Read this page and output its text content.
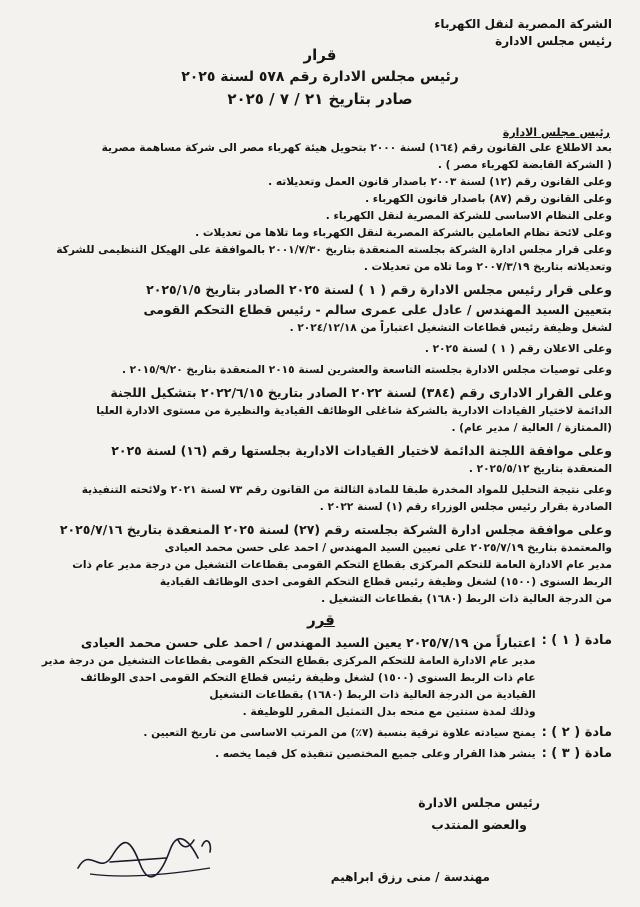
الشركة المصرية لنقل الكهرباء
رئيس مجلس الادارة
قرار
رئيس مجلس الادارة رقم ٥٧٨ لسنة ٢٠٢٥
صادر بتاريخ ٢١ / ٧ / ٢٠٢٥
رئيس مجلس الادارة
بعد الاطلاع على القانون رقم (١٦٤) لسنة ٢٠٠٠ بتحويل هيئة كهرباء مصر الى شركة مساهمة مصرية
( الشركة القابضة لكهرباء مصر ) .
وعلى القانون رقم (١٢) لسنة ٢٠٠٣ باصدار قانون العمل وتعديلاته .
وعلى القانون رقم (٨٧) باصدار قانون الكهرباء .
وعلى النظام الاساسى للشركة المصرية لنقل الكهرباء .
وعلى لائحة نظام العاملين بالشركة المصرية لنقل الكهرباء وما تلاها من تعديلات .
وعلى قرار مجلس ادارة الشركة بجلسته المنعقدة بتاريخ ٢٠٠١/٧/٣٠ بالموافقة على الهيكل التنظيمى للشركة
وتعديلاته بتاريخ ٢٠٠٧/٣/١٩ وما تلاه من تعديلات .
وعلى قرار رئيس مجلس الادارة رقم ( ١ ) لسنة ٢٠٢٥ الصادر بتاريخ ٢٠٢٥/١/٥
بتعيين السيد المهندس / عادل على عمرى سالم - رئيس قطاع التحكم القومى
لشغل وظيفة رئيس قطاعات التشغيل اعتباراً من ٢٠٢٤/١٢/١٨ .
وعلى الاعلان رقم ( ١ ) لسنة ٢٠٢٥ .
وعلى توصيات مجلس الادارة بجلسته التاسعة والعشرين لسنة ٢٠١٥ المنعقدة بتاريخ ٢٠١٥/٩/٢٠ .
وعلى القرار الادارى رقم (٣٨٤) لسنة ٢٠٢٢ الصادر بتاريخ ٢٠٢٢/٦/١٥ بتشكيل اللجنة
الدائمة لاختيار القيادات الادارية بالشركة شاغلى الوظائف القيادية والنظيرة من مستوى الادارة العليا
(الممتازة / العالية / مدير عام) .
وعلى موافقة اللجنة الدائمة لاختيار القيادات الادارية بجلستها رقم (١٦) لسنة ٢٠٢٥
المنعقدة بتاريخ ٢٠٢٥/٥/١٢ .
وعلى نتيجة التحليل للمواد المخدرة طبقا للمادة الثالثة من القانون رقم ٧٣ لسنة ٢٠٢١ ولائحته التنفيذية
الصادرة بقرار رئيس مجلس الوزراء رقم (١) لسنة ٢٠٢٢ .
وعلى موافقة مجلس ادارة الشركة بجلسته رقم (٢٧) لسنة ٢٠٢٥ المنعقدة بتاريخ ٢٠٢٥/٧/١٦
والمعتمدة بتاريخ ٢٠٢٥/٧/١٩ على تعيين السيد المهندس / احمد على حسن محمد العيادى
مدير عام الادارة العامة للتحكم المركزى بقطاع التحكم القومى بقطاعات التشغيل من درجة مدير عام ذات
الربط السنوى (١٥٠٠) لشغل وظيفة رئيس قطاع التحكم القومى احدى الوظائف القيادية
من الدرجة العالية ذات الربط (١٦٨٠) بقطاعات التشغيل .
قرر
مادة ( ١ ) :
اعتباراً من ٢٠٢٥/٧/١٩ يعين السيد المهندس / احمد على حسن محمد العيادى
مدير عام الادارة العامة للتحكم المركزى بقطاع التحكم القومى بقطاعات التشغيل من درجة مدير
عام ذات الربط السنوى (١٥٠٠) لشغل وظيفة رئيس قطاع التحكم القومى احدى الوظائف
القيادية من الدرجة العالية ذات الربط (١٦٨٠) بقطاعات التشغيل
وذلك لمدة سنتين مع منحه بدل التمثيل المقرر للوظيفة .
مادة ( ٢ ) :
يمنح سيادته علاوة ترقية بنسبة (٧٪) من المرتب الاساسى من تاريخ التعيين .
مادة ( ٣ ) :
ينشر هذا القرار وعلى جميع المختصين تنفيذه كل فيما يخصه .
رئيس مجلس الادارة
والعضو المنتدب
مهندسة / منى رزق ابراهيم
